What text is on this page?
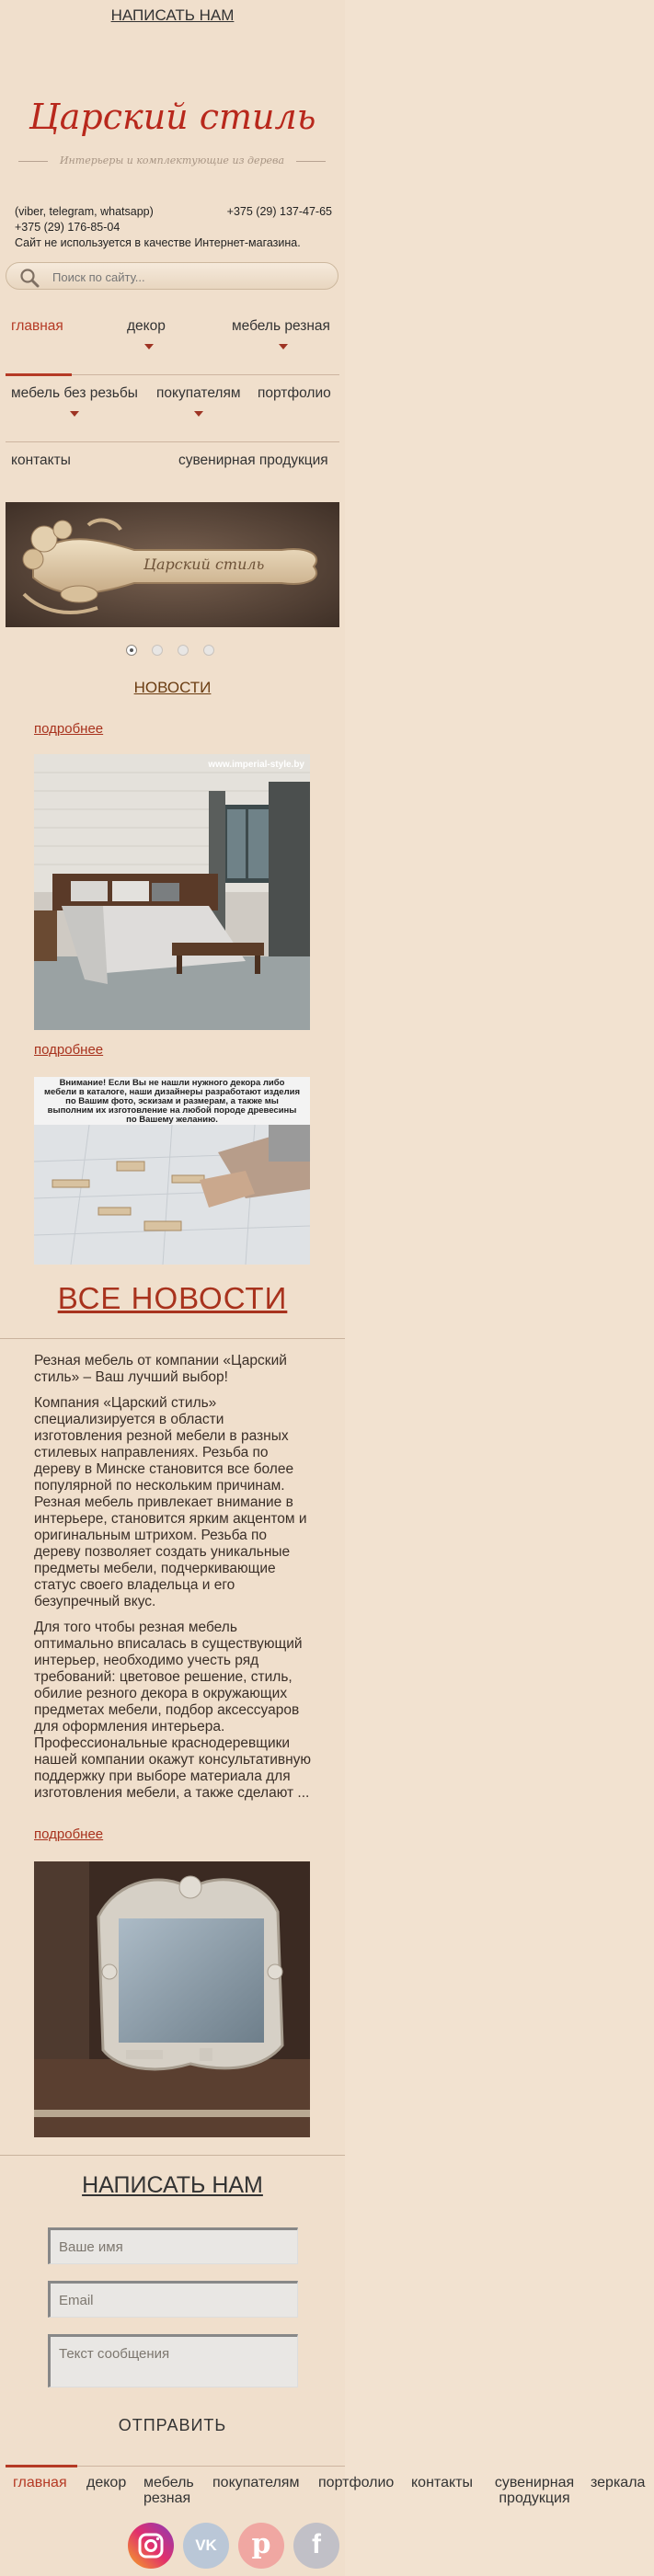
НАПИСАТЬ НАМ
Царский стиль
Интерьеры и комплектующие из дерева
(viber, telegram, whatsapp)	+375 (29) 137-47-65
+375 (29) 176-85-04
Сайт не используется в качестве Интернет-магазина.
Поиск по сайту...
главная	декор	мебель резная
мебель без резьбы покупателям портфолио
контакты	сувенирная продукция
Царский стиль
НОВОСТИ
подробнее
www.imperial-style.by
подробнее
Внимание! Если Вы не нашли нужного декора либо мебели в каталоге, наши дизайнеры разработают изделия по Вашим фото, эскизам и размерам, а также мы выполним их изготовление на любой породе древесины по Вашему желанию.
ВСЕ НОВОСТИ
Резная мебель от компании «Царский стиль» – Ваш лучший выбор!
Компания «Царский стиль» специализируется в области изготовления резной мебели в разных стилевых направлениях. Резьба по дереву в Минске становится все более популярной по нескольким причинам. Резная мебель привлекает внимание в интерьере, становится ярким акцентом и оригинальным штрихом. Резьба по дереву позволяет создать уникальные предметы мебели, подчеркивающие статус своего владельца и его безупречный вкус.
Для того чтобы резная мебель оптимально вписалась в существующий интерьер, необходимо учесть ряд требований: цветовое решение, стиль, обилие резного декора в окружающих предметах мебели, подбор аксессуаров для оформления интерьера. Профессиональные краснодеревщики нашей компании окажут консультативную поддержку при выборе материала для изготовления мебели, а также сделают ...
подробнее
НАПИСАТЬ НАМ
Ваше имя
Email
Текст сообщения
ОТПРАВИТЬ
главная декор мебель резная
покупателям портфолио контакты сувенирная продукция
зеркала
VK	p	f
